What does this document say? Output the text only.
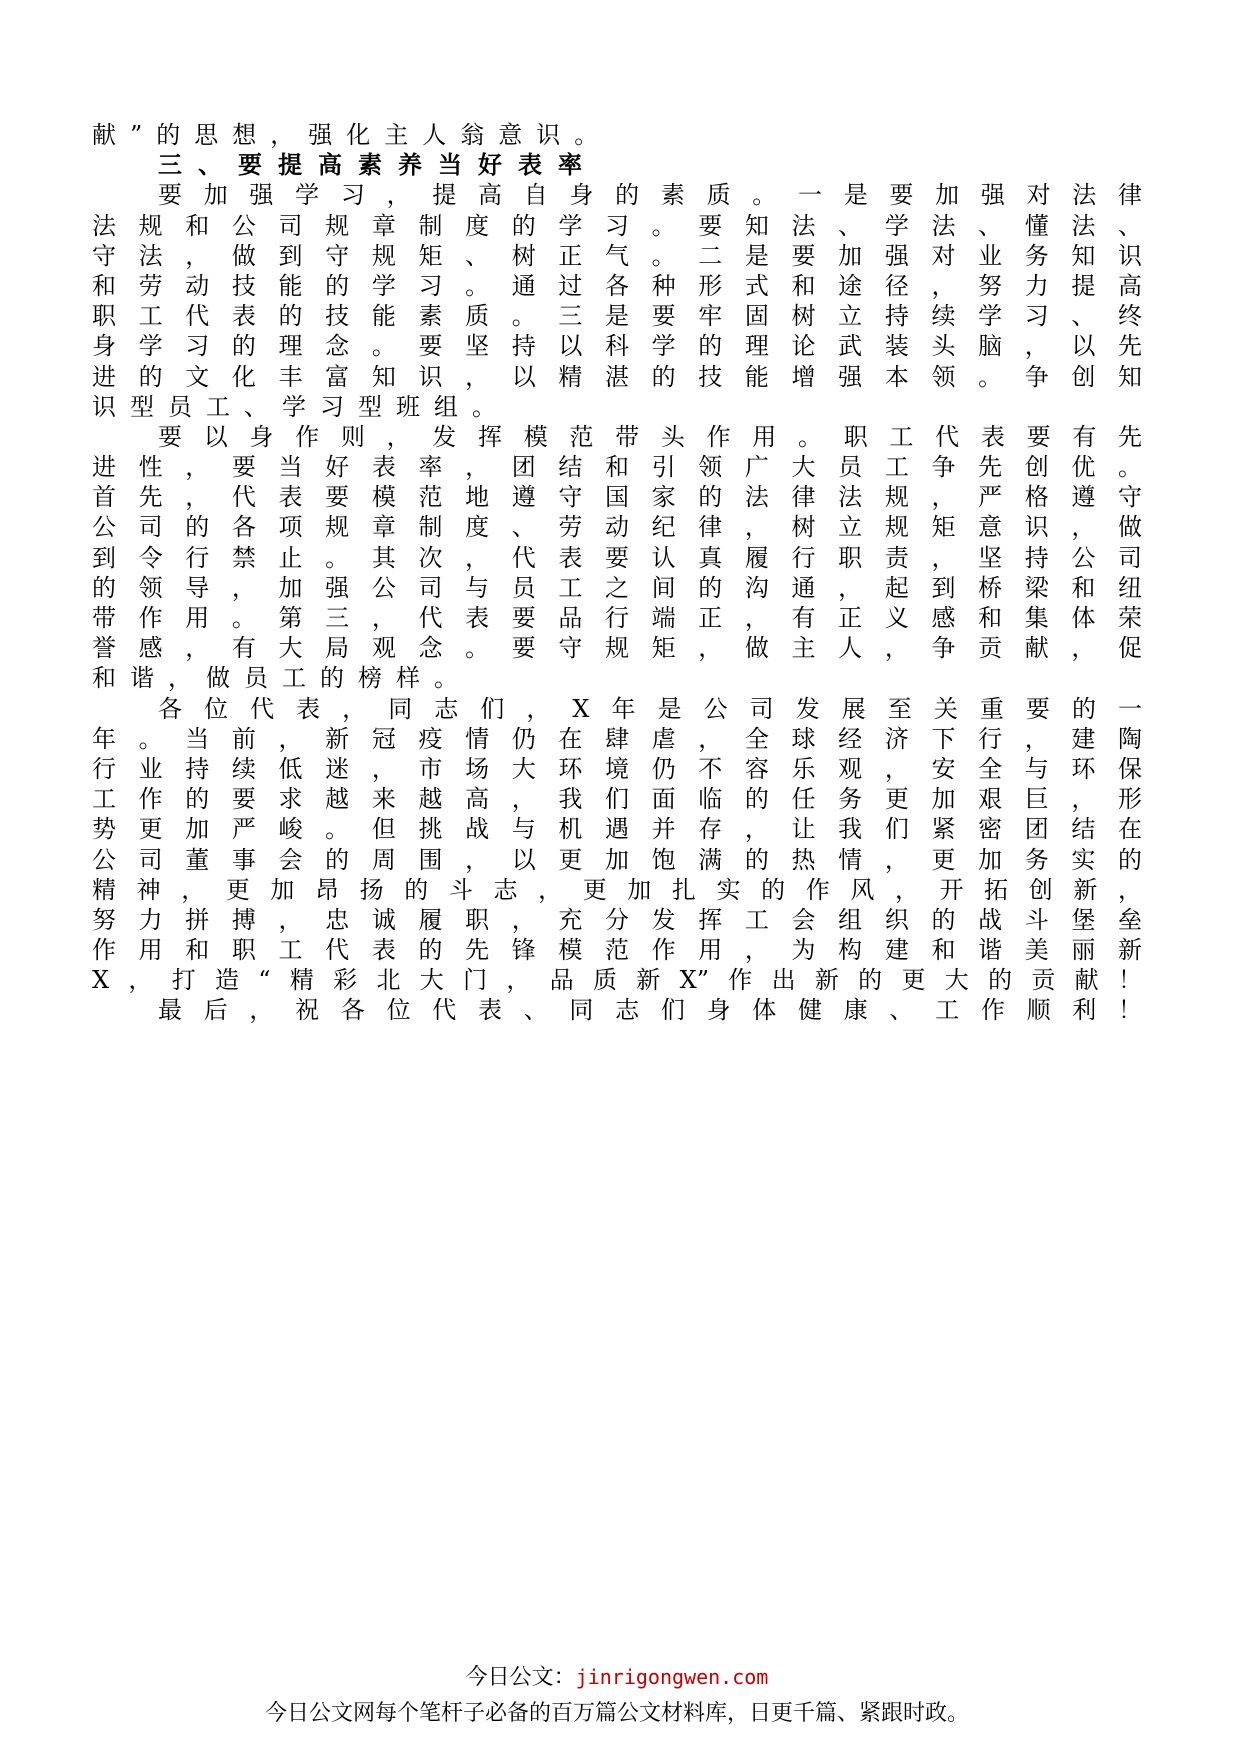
献”的思想，强化主人翁意识。
三、要提高素养当好表率
要加强学习，提高自身的素质。一是要加强对法律
法规和公司规章制度的学习。要知法、学法、懂法、
守法，做到守规矩、树正气。二是要加强对业务知识
和劳动技能的学习。通过各种形式和途径，努力提高
职工代表的技能素质。三是要牢固树立持续学习、终
身学习的理念。要坚持以科学的理论武装头脑，以先
进的文化丰富知识，以精湛的技能增强本领。争创知
识型员工、学习型班组。
要以身作则，发挥模范带头作用。职工代表要有先
进性，要当好表率，团结和引领广大员工争先创优。
首先，代表要模范地遵守国家的法律法规，严格遵守
公司的各项规章制度、劳动纪律，树立规矩意识，做
到令行禁止。其次，代表要认真履行职责，坚持公司
的领导，加强公司与员工之间的沟通，起到桥梁和纽
带作用。第三，代表要品行端正，有正义感和集体荣
誉感，有大局观念。要守规矩，做主人，争贡献，促
和谐，做员工的榜样。
各位代表，同志们，X年是公司发展至关重要的一
年。当前，新冠疫情仍在肆虐，全球经济下行，建陶
行业持续低迷，市场大环境仍不容乐观，安全与环保
工作的要求越来越高，我们面临的任务更加艰巨，形
势更加严峻。但挑战与机遇并存，让我们紧密团结在
公司董事会的周围，以更加饱满的热情，更加务实的
精神，更加昂扬的斗志，更加扎实的作风，开拓创新，
努力拼搏，忠诚履职，充分发挥工会组织的战斗堡垒
作用和职工代表的先锋模范作用，为构建和谐美丽新
X，打造“精彩北大门，品质新X”作出新的更大的贡献！
最后，祝各位代表、同志们身体健康、工作顺利！
今日公文：jinrigongwen.com
今日公文网每个笔杆子必备的百万篇公文材料库，日更千篇、紧跟时政。
